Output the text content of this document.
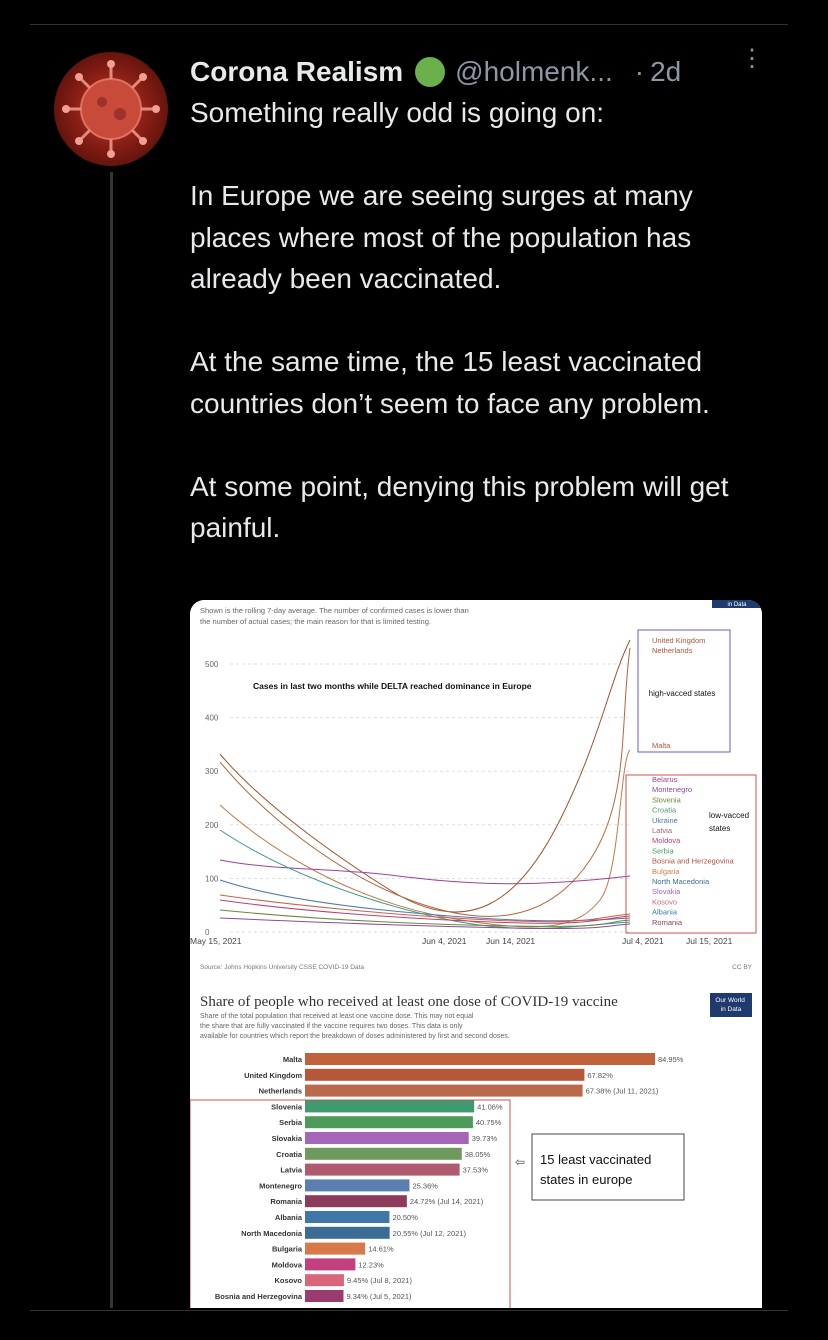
Corona Realism @holmenk... · 2d ⋮

Something really odd is going on:

In Europe we are seeing surges at many places where most of the population has already been vaccinated.

At the same time, the 15 least vaccinated countries don’t seem to face any problem.

At some point, denying this problem will get painful.

in Data
Shown is the rolling 7-day average. The number of confirmed cases is lower than the number of actual cases; the main reason for that is limited testing.
500
400
300
200
100
0
May 15, 2021	Jun 4, 2021 Jun 14, 2021	Jul 4, 2021	Jul 15, 2021
Cases in last two months while DELTA reached dominance in Europe
high-vacced states
United Kingdom
Netherlands
Malta
low-vacced states
Belarus
Montenegro
Slovenia
Croatia
Ukraine
Latvia
Moldova
Serbia
Bosnia and Herzegovina
Bulgaria
North Macedonia
Slovakia
Kosovo
Albania
Romania
Source: Johns Hopkins University CSSE COVID-19 Data	CC BY
Share of people who received at least one dose of COVID-19 vaccine	Our World in Data
Share of the total population that received at least one vaccine dose. This may not equal the share that are fully vaccinated if the vaccine requires two doses. This data is only available for countries which report the breakdown of doses administered by first and second doses.
Malta	84.95%
United Kingdom	67.82%
Netherlands	67.38% (Jul 11, 2021)
Slovenia	41.06%
Serbia	40.75%
Slovakia	39.73%
Croatia	38.05%
Latvia	37.53%
Montenegro	25.36%
Romania	24.72% (Jul 14, 2021)
Albania	20.50%
North Macedonia	20.55% (Jul 12, 2021)
Bulgaria	14.61%
Moldova	12.23%
Kosovo	9.45% (Jul 8, 2021)
Bosnia and Herzegovina	9.34% (Jul 5, 2021)
⇦ 15 least vaccinated states in europe
